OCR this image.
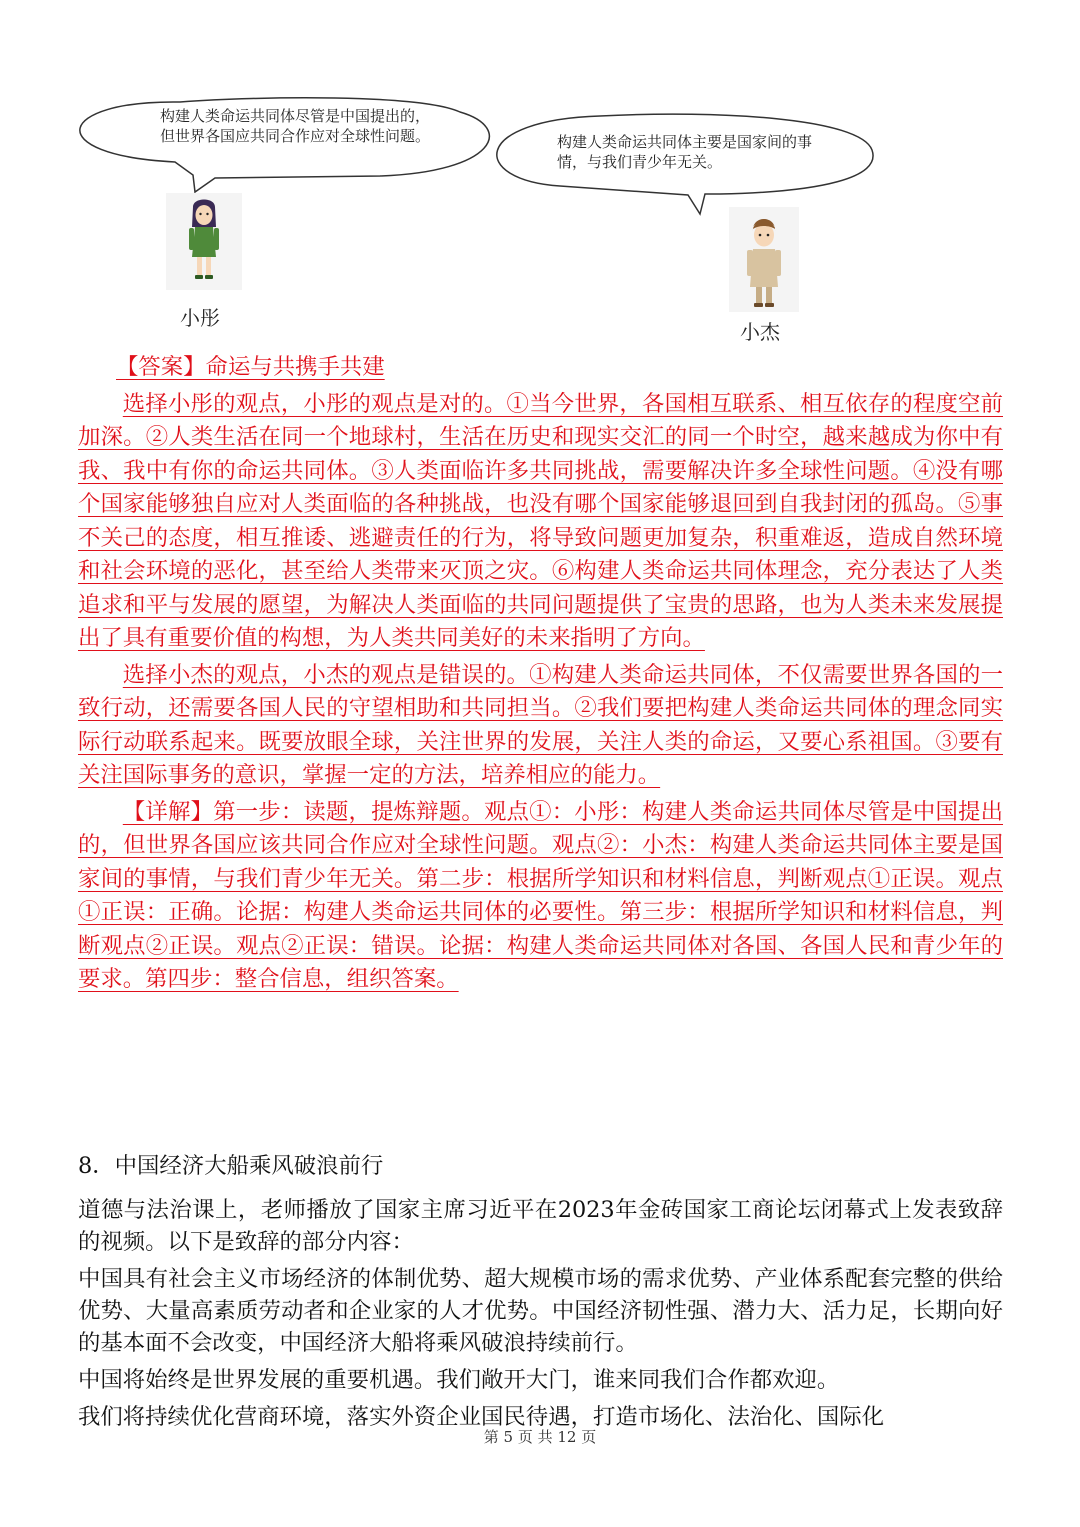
构建人类命运共同体尽管是中国提出的，但世界各国应共同合作应对全球性问题。	构建人类命运共同体主要是国家间的事情，与我们青少年无关。
小彤
小杰

【答案】命运与共携手共建

选择小彤的观点，小彤的观点是对的。①当今世界，各国相互联系、相互依存的程度空前加深。②人类生活在同一个地球村，生活在历史和现实交汇的同一个时空，越来越成为你中有我、我中有你的命运共同体。③人类面临许多共同挑战，需要解决许多全球性问题。④没有哪个国家能够独自应对人类面临的各种挑战，也没有哪个国家能够退回到自我封闭的孤岛。⑤事不关己的态度，相互推诿、逃避责任的行为，将导致问题更加复杂，积重难返，造成自然环境和社会环境的恶化，甚至给人类带来灭顶之灾。⑥构建人类命运共同体理念，充分表达了人类追求和平与发展的愿望，为解决人类面临的共同问题提供了宝贵的思路，也为人类未来发展提出了具有重要价值的构想，为人类共同美好的未来指明了方向。

选择小杰的观点，小杰的观点是错误的。①构建人类命运共同体，不仅需要世界各国的一致行动，还需要各国人民的守望相助和共同担当。②我们要把构建人类命运共同体的理念同实际行动联系起来。既要放眼全球，关注世界的发展，关注人类的命运，又要心系祖国。③要有关注国际事务的意识，掌握一定的方法，培养相应的能力。

【详解】第一步：读题，提炼辩题。观点①：小彤：构建人类命运共同体尽管是中国提出的，但世界各国应该共同合作应对全球性问题。观点②：小杰：构建人类命运共同体主要是国家间的事情，与我们青少年无关。第二步：根据所学知识和材料信息，判断观点①正误。观点①正误：正确。论据：构建人类命运共同体的必要性。第三步：根据所学知识和材料信息，判断观点②正误。观点②正误：错误。论据：构建人类命运共同体对各国、各国人民和青少年的要求。第四步：整合信息，组织答案。

8．中国经济大船乘风破浪前行

道德与法治课上，老师播放了国家主席习近平在2023年金砖国家工商论坛闭幕式上发表致辞的视频。以下是致辞的部分内容：

中国具有社会主义市场经济的体制优势、超大规模市场的需求优势、产业体系配套完整的供给优势、大量高素质劳动者和企业家的人才优势。中国经济韧性强、潜力大、活力足，长期向好的基本面不会改变，中国经济大船将乘风破浪持续前行。

中国将始终是世界发展的重要机遇。我们敞开大门，谁来同我们合作都欢迎。

我们将持续优化营商环境，落实外资企业国民待遇，打造市场化、法治化、国际化

第 5 页 共 12 页
